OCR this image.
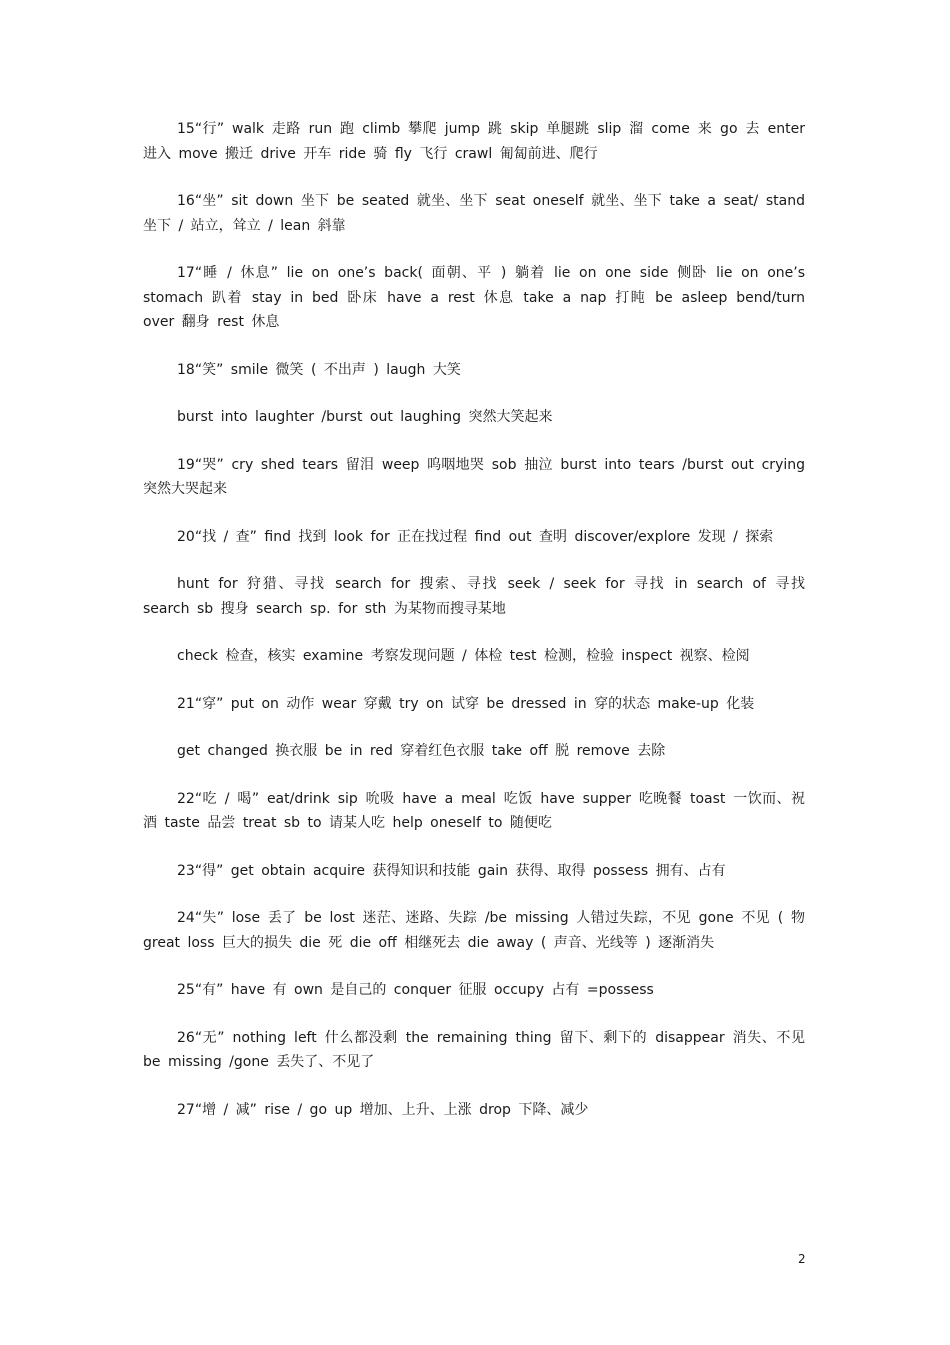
15“行” walk 走路 run 跑 climb 攀爬 jump 跳 skip 单腿跳 slip 溜 come 来 go 去 enter 进入 move 搬迁 drive 开车 ride 骑 fly 飞行 crawl 匍匐前进、爬行

16“坐” sit down 坐下 be seated 就坐、坐下 seat oneself 就坐、坐下 take a seat/ stand 坐下 / 站立，耸立 / lean 斜靠

17“睡 / 休息” lie on one’s back( 面朝、平 ) 躺着 lie on one side 侧卧 lie on one’s stomach 趴着 stay in bed 卧床 have a rest 休息 take a nap 打盹 be asleep bend/turn over 翻身 rest 休息

18“笑” smile 微笑 ( 不出声 ) laugh 大笑

burst into laughter /burst out laughing 突然大笑起来

19“哭” cry shed tears 留泪 weep 呜咽地哭 sob 抽泣 burst into tears /burst out crying 突然大哭起来

20“找 / 查” find 找到 look for 正在找过程 find out 查明 discover/explore 发现 / 探索

hunt for 狩猎、寻找 search for 搜索、寻找 seek / seek for 寻找 in search of 寻找 search sb 搜身 search sp. for sth 为某物而搜寻某地

check 检查，核实 examine 考察发现问题 / 体检 test 检测，检验 inspect 视察、检阅

21“穿” put on 动作 wear 穿戴 try on 试穿 be dressed in 穿的状态 make-up 化装

get changed 换衣服 be in red 穿着红色衣服 take off 脱 remove 去除

22“吃 / 喝” eat/drink sip 吮吸 have a meal 吃饭 have supper 吃晚餐 toast 一饮而、祝酒 taste 品尝 treat sb to 请某人吃 help oneself to 随便吃

23“得” get obtain acquire 获得知识和技能 gain 获得、取得 possess 拥有、占有

24“失” lose 丢了 be lost 迷茫、迷路、失踪 /be missing 人错过失踪，不见 gone 不见 ( 物 great loss 巨大的损失 die 死 die off 相继死去 die away ( 声音、光线等 ) 逐渐消失

25“有” have 有 own 是自己的 conquer 征服 occupy 占有 =possess

26“无” nothing left 什么都没剩 the remaining thing 留下、剩下的 disappear 消失、不见 be missing /gone 丢失了、不见了

27“增 / 减” rise / go up 增加、上升、上涨 drop 下降、减少

2
